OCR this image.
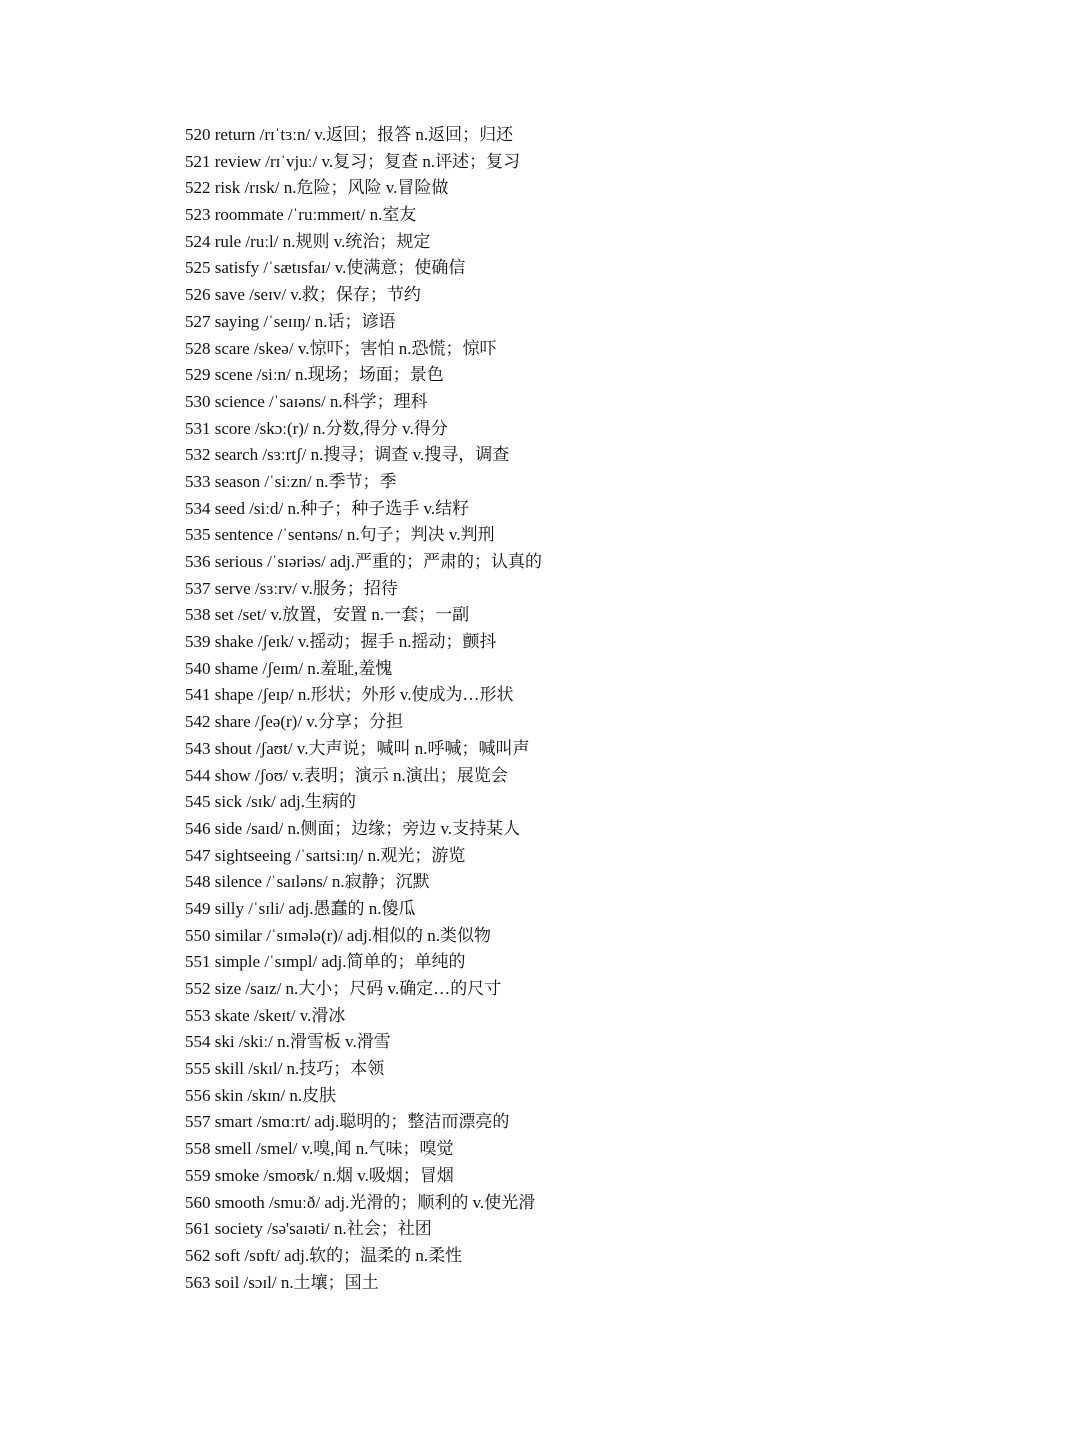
520 return /rɪˈtɜːn/ v.返回；报答 n.返回；归还
521 review /rɪˈvjuː/ v.复习；复查 n.评述；复习
522 risk /rɪsk/ n.危险；风险 v.冒险做
523 roommate /ˈruːmmeɪt/ n.室友
524 rule /ruːl/ n.规则 v.统治；规定
525 satisfy /ˈsætɪsfaɪ/ v.使满意；使确信
526 save /seɪv/ v.救；保存；节约
527 saying /ˈseɪɪŋ/ n.话；谚语
528 scare /skeə/ v.惊吓；害怕 n.恐慌；惊吓
529 scene /siːn/ n.现场；场面；景色
530 science /ˈsaɪəns/ n.科学；理科
531 score /skɔː(r)/ n.分数,得分 v.得分
532 search /sɜːrtʃ/ n.搜寻；调查 v.搜寻，调查
533 season /ˈsiːzn/ n.季节；季
534 seed /siːd/ n.种子；种子选手 v.结籽
535 sentence /ˈsentəns/ n.句子；判决 v.判刑
536 serious /ˈsɪəriəs/ adj.严重的；严肃的；认真的
537 serve /sɜːrv/ v.服务；招待
538 set /set/ v.放置，安置 n.一套；一副
539 shake /ʃeɪk/ v.摇动；握手 n.摇动；颤抖
540 shame /ʃeɪm/ n.羞耻,羞愧
541 shape /ʃeɪp/ n.形状；外形 v.使成为…形状
542 share /ʃeə(r)/ v.分享；分担
543 shout /ʃaʊt/ v.大声说；喊叫 n.呼喊；喊叫声
544 show /ʃoʊ/ v.表明；演示 n.演出；展览会
545 sick /sɪk/ adj.生病的
546 side /saɪd/ n.侧面；边缘；旁边 v.支持某人
547 sightseeing /ˈsaɪtsiːɪŋ/ n.观光；游览
548 silence /ˈsaɪləns/ n.寂静；沉默
549 silly /ˈsɪli/ adj.愚蠢的 n.傻瓜
550 similar /ˈsɪmələ(r)/ adj.相似的 n.类似物
551 simple /ˈsɪmpl/ adj.简单的；单纯的
552 size /saɪz/ n.大小；尺码 v.确定…的尺寸
553 skate /skeɪt/ v.滑冰
554 ski /skiː/ n.滑雪板 v.滑雪
555 skill /skɪl/ n.技巧；本领
556 skin /skɪn/ n.皮肤
557 smart /smɑːrt/ adj.聪明的；整洁而漂亮的
558 smell /smel/ v.嗅,闻 n.气味；嗅觉
559 smoke /smoʊk/ n.烟 v.吸烟；冒烟
560 smooth /smuːð/ adj.光滑的；顺利的 v.使光滑
561 society /sə'saɪəti/ n.社会；社团
562 soft /sɒft/ adj.软的；温柔的 n.柔性
563 soil /sɔɪl/ n.土壤；国土
